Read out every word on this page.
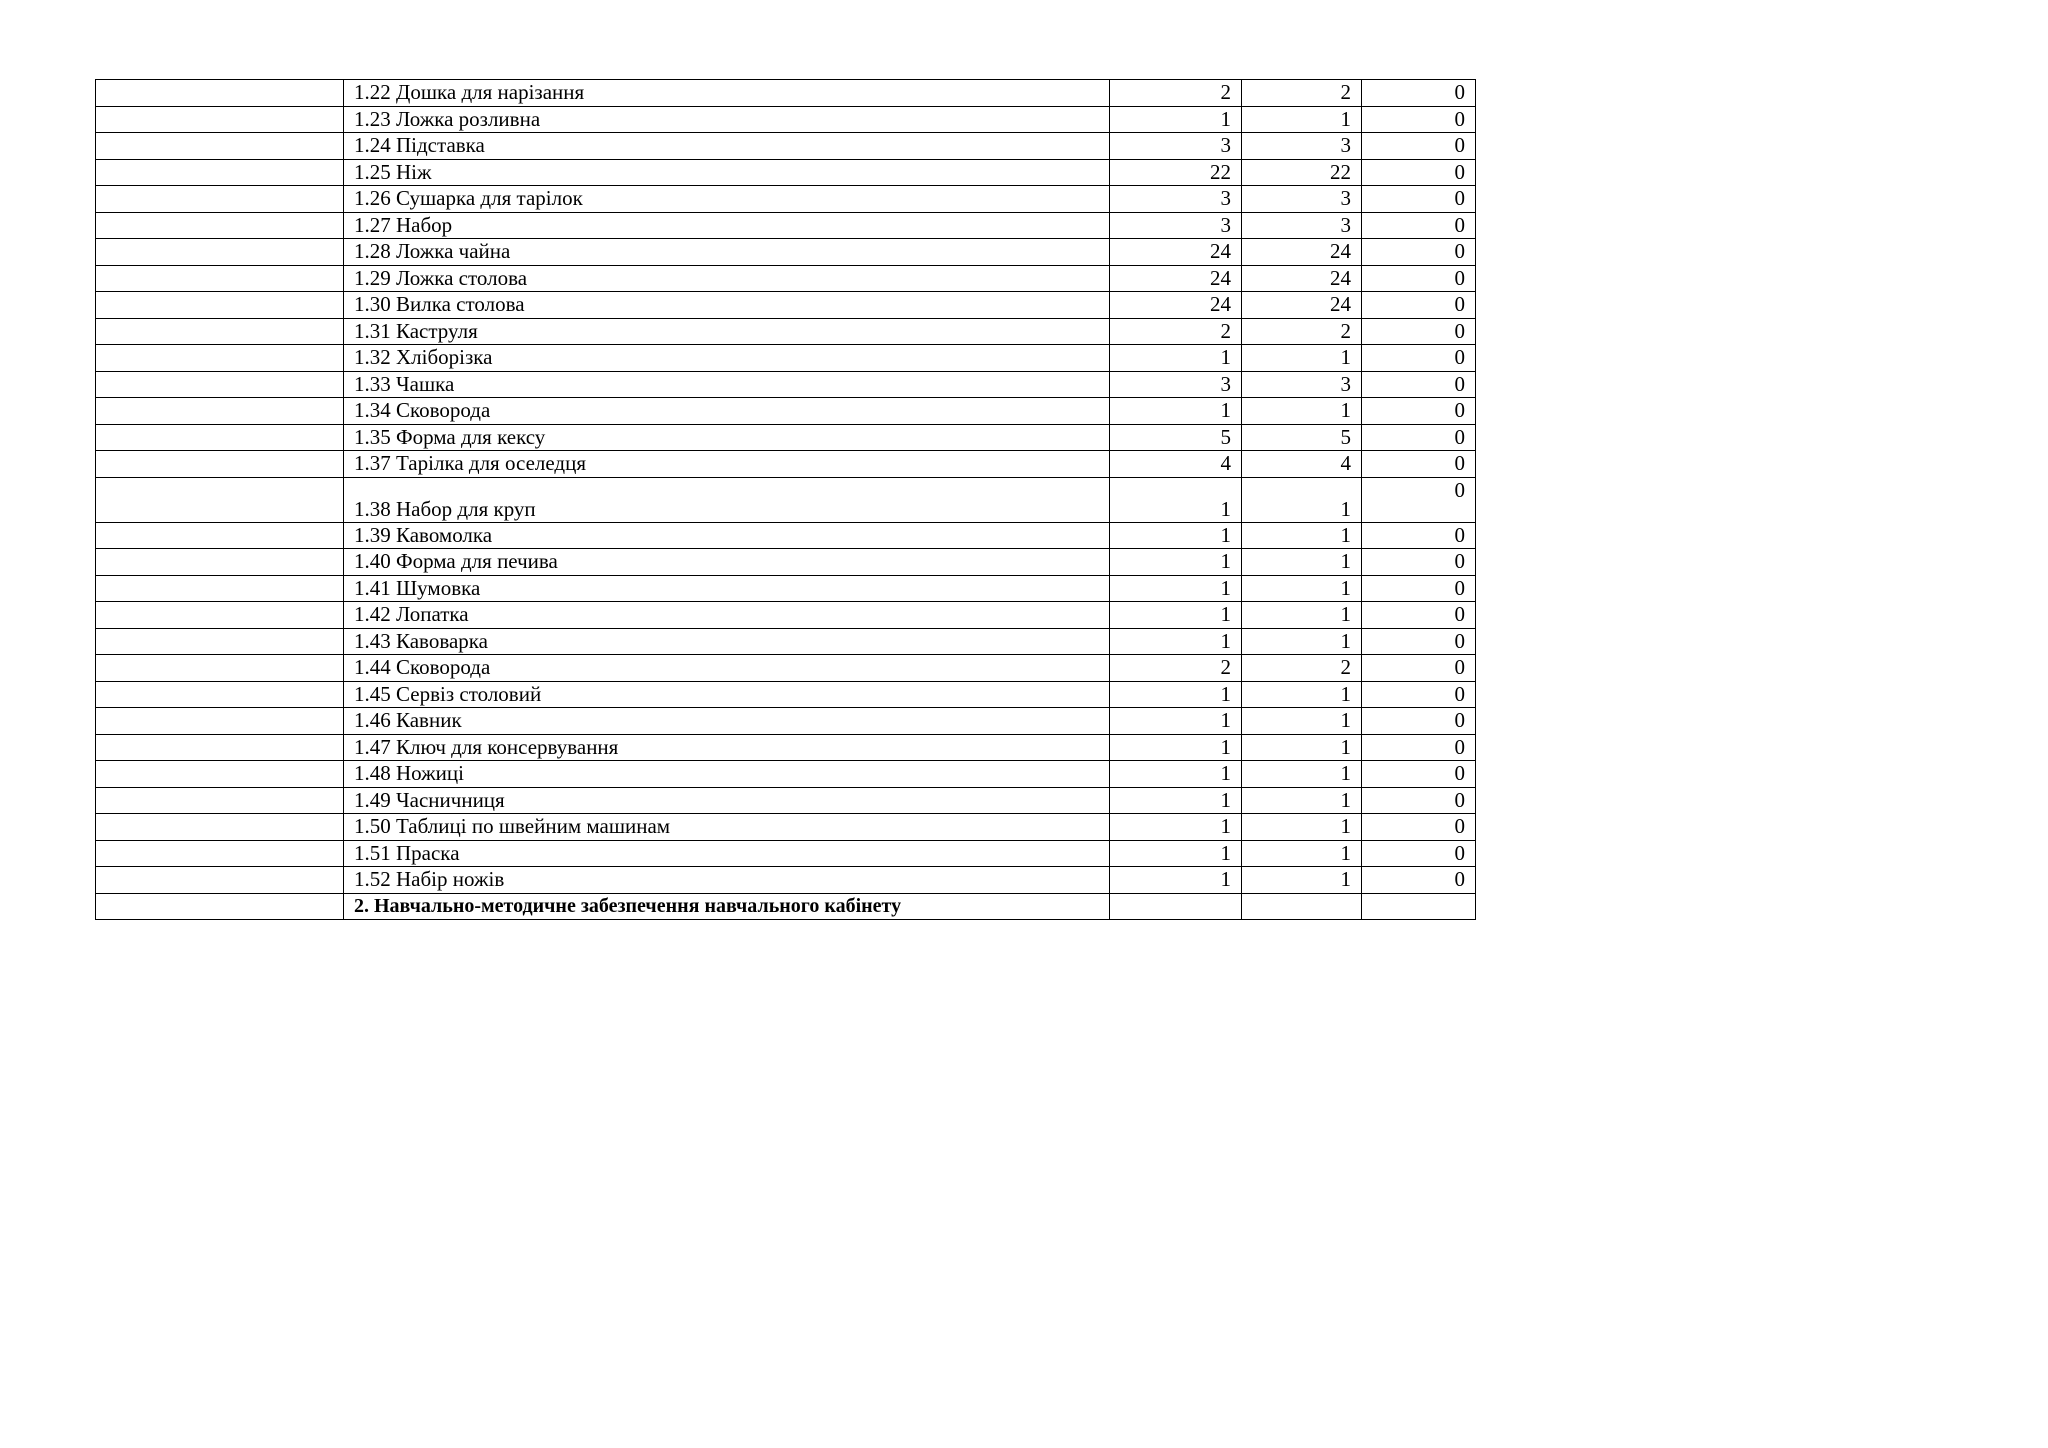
	1.22 Дошка для нарізання	2	2	0
	1.23 Ложка розливна	1	1	0
	1.24 Підставка	3	3	0
	1.25 Ніж	22	22	0
	1.26 Сушарка для тарілок	3	3	0
	1.27 Набор	3	3	0
	1.28 Ложка чайна	24	24	0
	1.29 Ложка столова	24	24	0
	1.30 Вилка столова	24	24	0
	1.31 Каструля	2	2	0
	1.32 Хліборізка	1	1	0
	1.33 Чашка	3	3	0
	1.34 Сковорода	1	1	0
	1.35 Форма для кексу	5	5	0
	1.37 Тарілка для оселедця	4	4	0
	1.38 Набор для круп	1	1	0
	1.39 Кавомолка	1	1	0
	1.40 Форма для печива	1	1	0
	1.41 Шумовка	1	1	0
	1.42 Лопатка	1	1	0
	1.43 Кавоварка	1	1	0
	1.44 Сковорода	2	2	0
	1.45 Сервіз столовий	1	1	0
	1.46 Кавник	1	1	0
	1.47 Ключ для консервування	1	1	0
	1.48 Ножиці	1	1	0
	1.49 Часничниця	1	1	0
	1.50 Таблиці по швейним машинам	1	1	0
	1.51 Праска	1	1	0
	1.52 Набір ножів	1	1	0
	2. Навчально-методичне забезпечення навчального кабінету			
